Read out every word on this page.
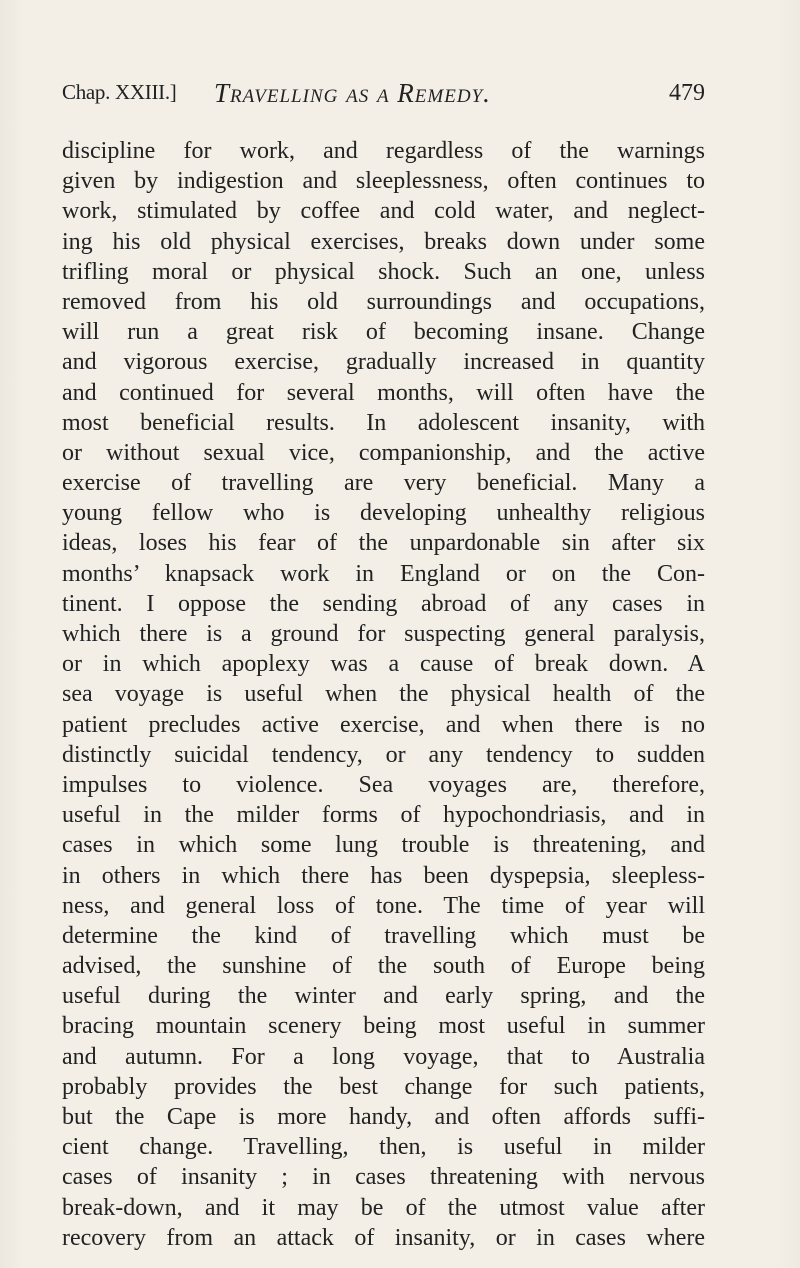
Chap. XXIII.] Travelling as a Remedy.	479
discipline for work, and regardless of the warnings
given by indigestion and sleeplessness, often continues to
work, stimulated by coffee and cold water, and neglect-
ing his old physical exercises, breaks down under some
trifling moral or physical shock. Such an one, unless
removed from his old surroundings and occupations,
will run a great risk of becoming insane. Change
and vigorous exercise, gradually increased in quantity
and continued for several months, will often have the
most beneficial results. In adolescent insanity, with
or without sexual vice, companionship, and the active
exercise of travelling are very beneficial. Many a
young fellow who is developing unhealthy religious
ideas, loses his fear of the unpardonable sin after six
months’ knapsack work in England or on the Con-
tinent. I oppose the sending abroad of any cases in
which there is a ground for suspecting general paralysis,
or in which apoplexy was a cause of break down. A
sea voyage is useful when the physical health of the
patient precludes active exercise, and when there is no
distinctly suicidal tendency, or any tendency to sudden
impulses to violence. Sea voyages are, therefore,
useful in the milder forms of hypochondriasis, and in
cases in which some lung trouble is threatening, and
in others in which there has been dyspepsia, sleepless-
ness, and general loss of tone. The time of year will
determine the kind of travelling which must be
advised, the sunshine of the south of Europe being
useful during the winter and early spring, and the
bracing mountain scenery being most useful in summer
and autumn. For a long voyage, that to Australia
probably provides the best change for such patients,
but the Cape is more handy, and often affords suffi-
cient change. Travelling, then, is useful in milder
cases of insanity ; in cases threatening with nervous
break-down, and it may be of the utmost value after
recovery from an attack of insanity, or in cases where
